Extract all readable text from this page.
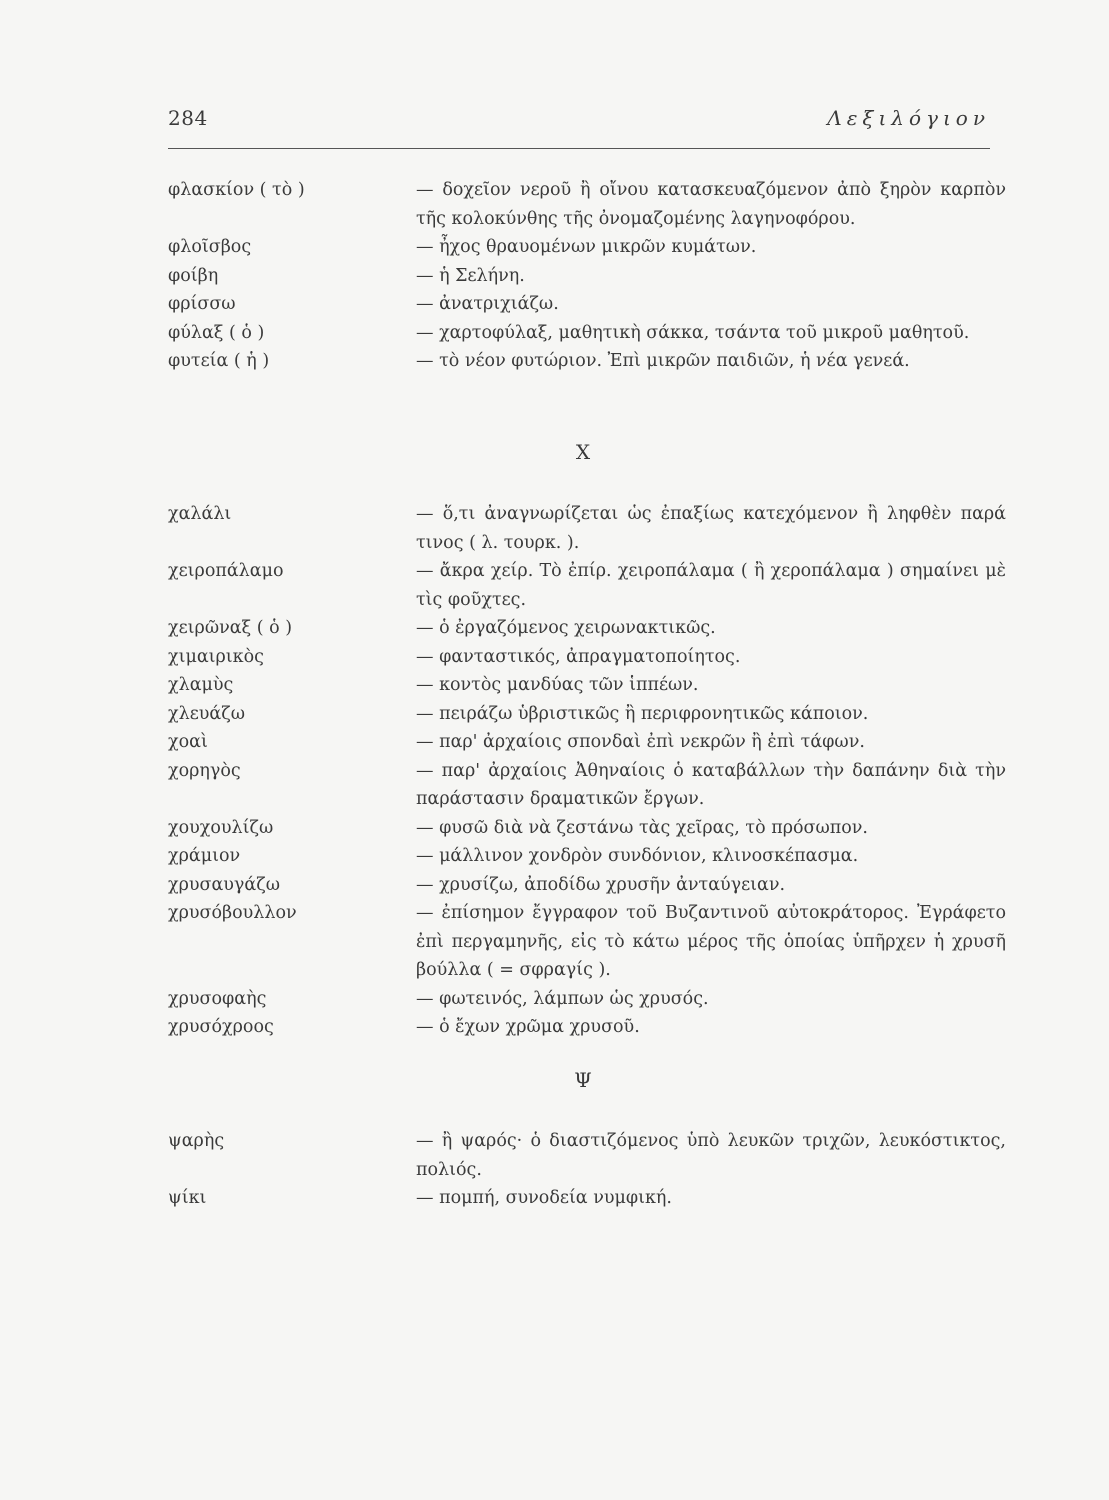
284	Λεξιλόγιον
φλασκίον ( τὸ )	— δοχεῖον νεροῦ ἢ οἴνου κατασκευαζόμενον ἀπὸ ξηρὸν καρπὸν τῆς κολοκύνθης τῆς ὀνομαζομένης λαγηνοφόρου.
φλοῖσβος	— ἦχος θραυομένων μικρῶν κυμάτων.
φοίβη	— ἡ Σελήνη.
φρίσσω	— ἀνατριχιάζω.
φύλαξ ( ὁ )	— χαρτοφύλαξ, μαθητικὴ σάκκα, τσάντα τοῦ μικροῦ μαθητοῦ.
φυτεία ( ἡ )	— τὸ νέον φυτώριον. Ἐπὶ μικρῶν παιδιῶν, ἡ νέα γενεά.
X
χαλάλι	— ὅ,τι ἀναγνωρίζεται ὡς ἐπαξίως κατεχόμενον ἢ ληφθὲν παρά τινος ( λ. τουρκ. ).
χειροπάλαμο	— ἄκρα χείρ. Τὸ ἐπίρ. χειροπάλαμα ( ἢ χεροπάλαμα ) σημαίνει μὲ τὶς φοῦχτες.
χειρῶναξ ( ὁ )	— ὁ ἐργαζόμενος χειρωνακτικῶς.
χιμαιρικὸς	— φανταστικός, ἀπραγματοποίητος.
χλαμὺς	— κοντὸς μανδύας τῶν ἱππέων.
χλευάζω	— πειράζω ὑβριστικῶς ἢ περιφρονητικῶς κάποιον.
χοαὶ	— παρ' ἀρχαίοις σπονδαὶ ἐπὶ νεκρῶν ἢ ἐπὶ τάφων.
χορηγὸς	— παρ' ἀρχαίοις Ἀθηναίοις ὁ καταβάλλων τὴν δαπάνην διὰ τὴν παράστασιν δραματικῶν ἔργων.
χουχουλίζω	— φυσῶ διὰ νὰ ζεστάνω τὰς χεῖρας, τὸ πρόσωπον.
χράμιον	— μάλλινον χονδρὸν συνδόνιον, κλινοσκέπασμα.
χρυσαυγάζω	— χρυσίζω, ἀποδίδω χρυσῆν ἀνταύγειαν.
χρυσόβουλλον	— ἐπίσημον ἔγγραφον τοῦ Βυζαντινοῦ αὐτοκράτορος. Ἐγράφετο ἐπὶ περγαμηνῆς, εἰς τὸ κάτω μέρος τῆς ὁποίας ὑπῆρχεν ἡ χρυσῆ βούλλα ( = σφραγίς ).
χρυσοφαὴς	— φωτεινός, λάμπων ὡς χρυσός.
χρυσόχροος	— ὁ ἔχων χρῶμα χρυσοῦ.
Ψ
ψαρὴς	— ἢ ψαρός· ὁ διαστιζόμενος ὑπὸ λευκῶν τριχῶν, λευκόστικτος, πολιός.
ψίκι	— πομπή, συνοδεία νυμφική.
